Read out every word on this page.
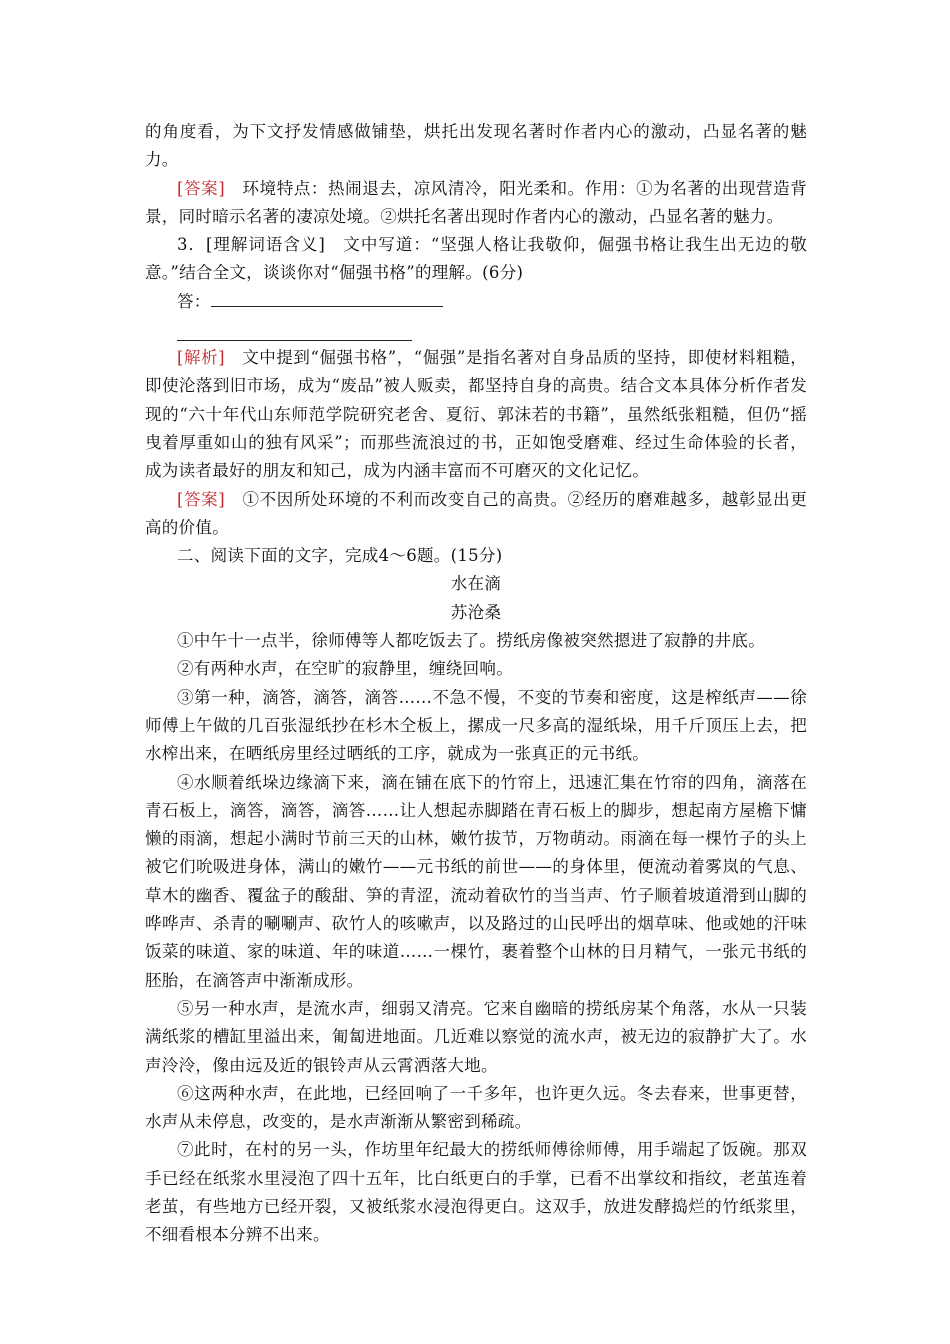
的角度看，为下文抒发情感做铺垫，烘托出发现名著时作者内心的激动，凸显名著的魅力。

[答案]　环境特点：热闹退去，凉风清冷，阳光柔和。作用：①为名著的出现营造背景，同时暗示名著的凄凉处境。②烘托名著出现时作者内心的激动，凸显名著的魅力。

3．[理解词语含义]　文中写道：“坚强人格让我敬仰，倔强书格让我生出无边的敬意。”结合全文，谈谈你对“倔强书格”的理解。(6分)

答：

[解析]　文中提到“倔强书格”，“倔强”是指名著对自身品质的坚持，即使材料粗糙，即使沦落到旧市场，成为“废品”被人贩卖，都坚持自身的高贵。结合文本具体分析作者发现的“六十年代山东师范学院研究老舍、夏衍、郭沫若的书籍”，虽然纸张粗糙，但仍“摇曳着厚重如山的独有风采”；而那些流浪过的书，正如饱受磨难、经过生命体验的长者，成为读者最好的朋友和知己，成为内涵丰富而不可磨灭的文化记忆。

[答案]　①不因所处环境的不利而改变自己的高贵。②经历的磨难越多，越彰显出更高的价值。

二、阅读下面的文字，完成4～6题。(15分)

水在滴

苏沧桑

①中午十一点半，徐师傅等人都吃饭去了。捞纸房像被突然摁进了寂静的井底。

②有两种水声，在空旷的寂静里，缠绕回响。

③第一种，滴答，滴答，滴答……不急不慢，不变的节奏和密度，这是榨纸声——徐师傅上午做的几百张湿纸抄在杉木仝板上，摞成一尺多高的湿纸垛，用千斤顶压上去，把水榨出来，在晒纸房里经过晒纸的工序，就成为一张真正的元书纸。

④水顺着纸垛边缘滴下来，滴在铺在底下的竹帘上，迅速汇集在竹帘的四角，滴落在青石板上，滴答，滴答，滴答……让人想起赤脚踏在青石板上的脚步，想起南方屋檐下慵懒的雨滴，想起小满时节前三天的山林，嫩竹拔节，万物萌动。雨滴在每一棵竹子的头上被它们吮吸进身体，满山的嫩竹——元书纸的前世——的身体里，便流动着雾岚的气息、草木的幽香、覆盆子的酸甜、笋的青涩，流动着砍竹的当当声、竹子顺着坡道滑到山脚的哗哗声、杀青的唰唰声、砍竹人的咳嗽声，以及路过的山民呼出的烟草味、他或她的汗味饭菜的味道、家的味道、年的味道……一棵竹，裹着整个山林的日月精气，一张元书纸的胚胎，在滴答声中渐渐成形。

⑤另一种水声，是流水声，细弱又清亮。它来自幽暗的捞纸房某个角落，水从一只装满纸浆的槽缸里溢出来，匍匐进地面。几近难以察觉的流水声，被无边的寂静扩大了。水声泠泠，像由远及近的银铃声从云霄洒落大地。

⑥这两种水声，在此地，已经回响了一千多年，也许更久远。冬去春来，世事更替，水声从未停息，改变的，是水声渐渐从繁密到稀疏。

⑦此时，在村的另一头，作坊里年纪最大的捞纸师傅徐师傅，用手端起了饭碗。那双手已经在纸浆水里浸泡了四十五年，比白纸更白的手掌，已看不出掌纹和指纹，老茧连着老茧，有些地方已经开裂，又被纸浆水浸泡得更白。这双手，放进发酵捣烂的竹纸浆里，不细看根本分辨不出来。
